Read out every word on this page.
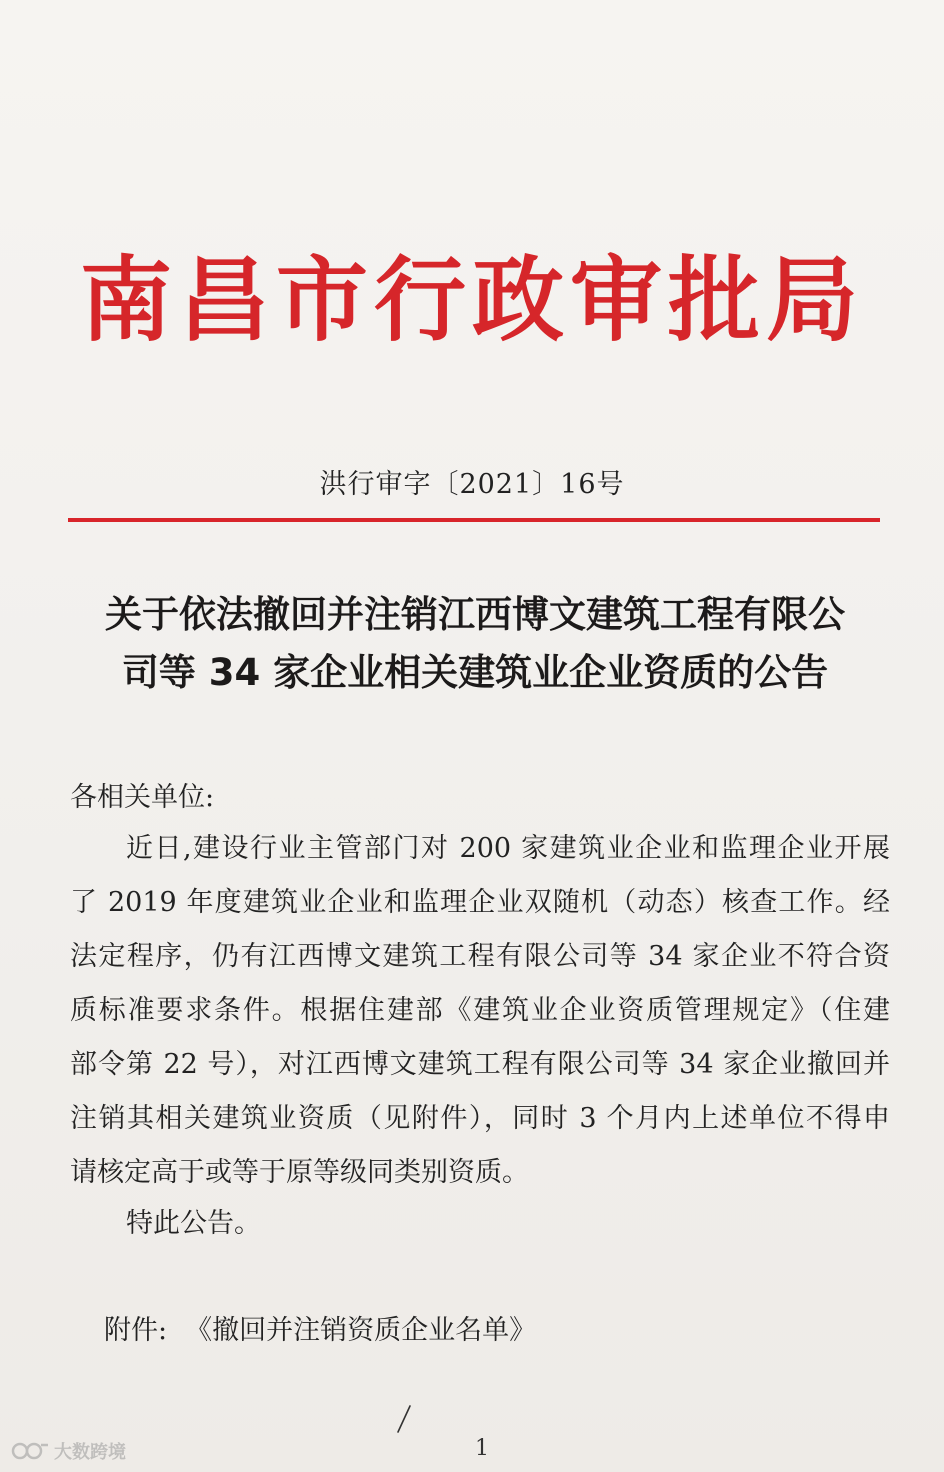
南昌市行政审批局
洪行审字〔2021〕16号
关于依法撤回并注销江西博文建筑工程有限公
司等 34 家企业相关建筑业企业资质的公告
各相关单位:
近日,建设行业主管部门对 200 家建筑业企业和监理企业开展
了 2019 年度建筑业企业和监理企业双随机（动态）核查工作。经
法定程序，仍有江西博文建筑工程有限公司等 34 家企业不符合资
质标准要求条件。根据住建部《建筑业企业资质管理规定》（住建
部令第 22 号），对江西博文建筑工程有限公司等 34 家企业撤回并
注销其相关建筑业资质（见附件），同时 3 个月内上述单位不得申
请核定高于或等于原等级同类别资质。
特此公告。
附件: 《撤回并注销资质企业名单》
1
大数跨境
